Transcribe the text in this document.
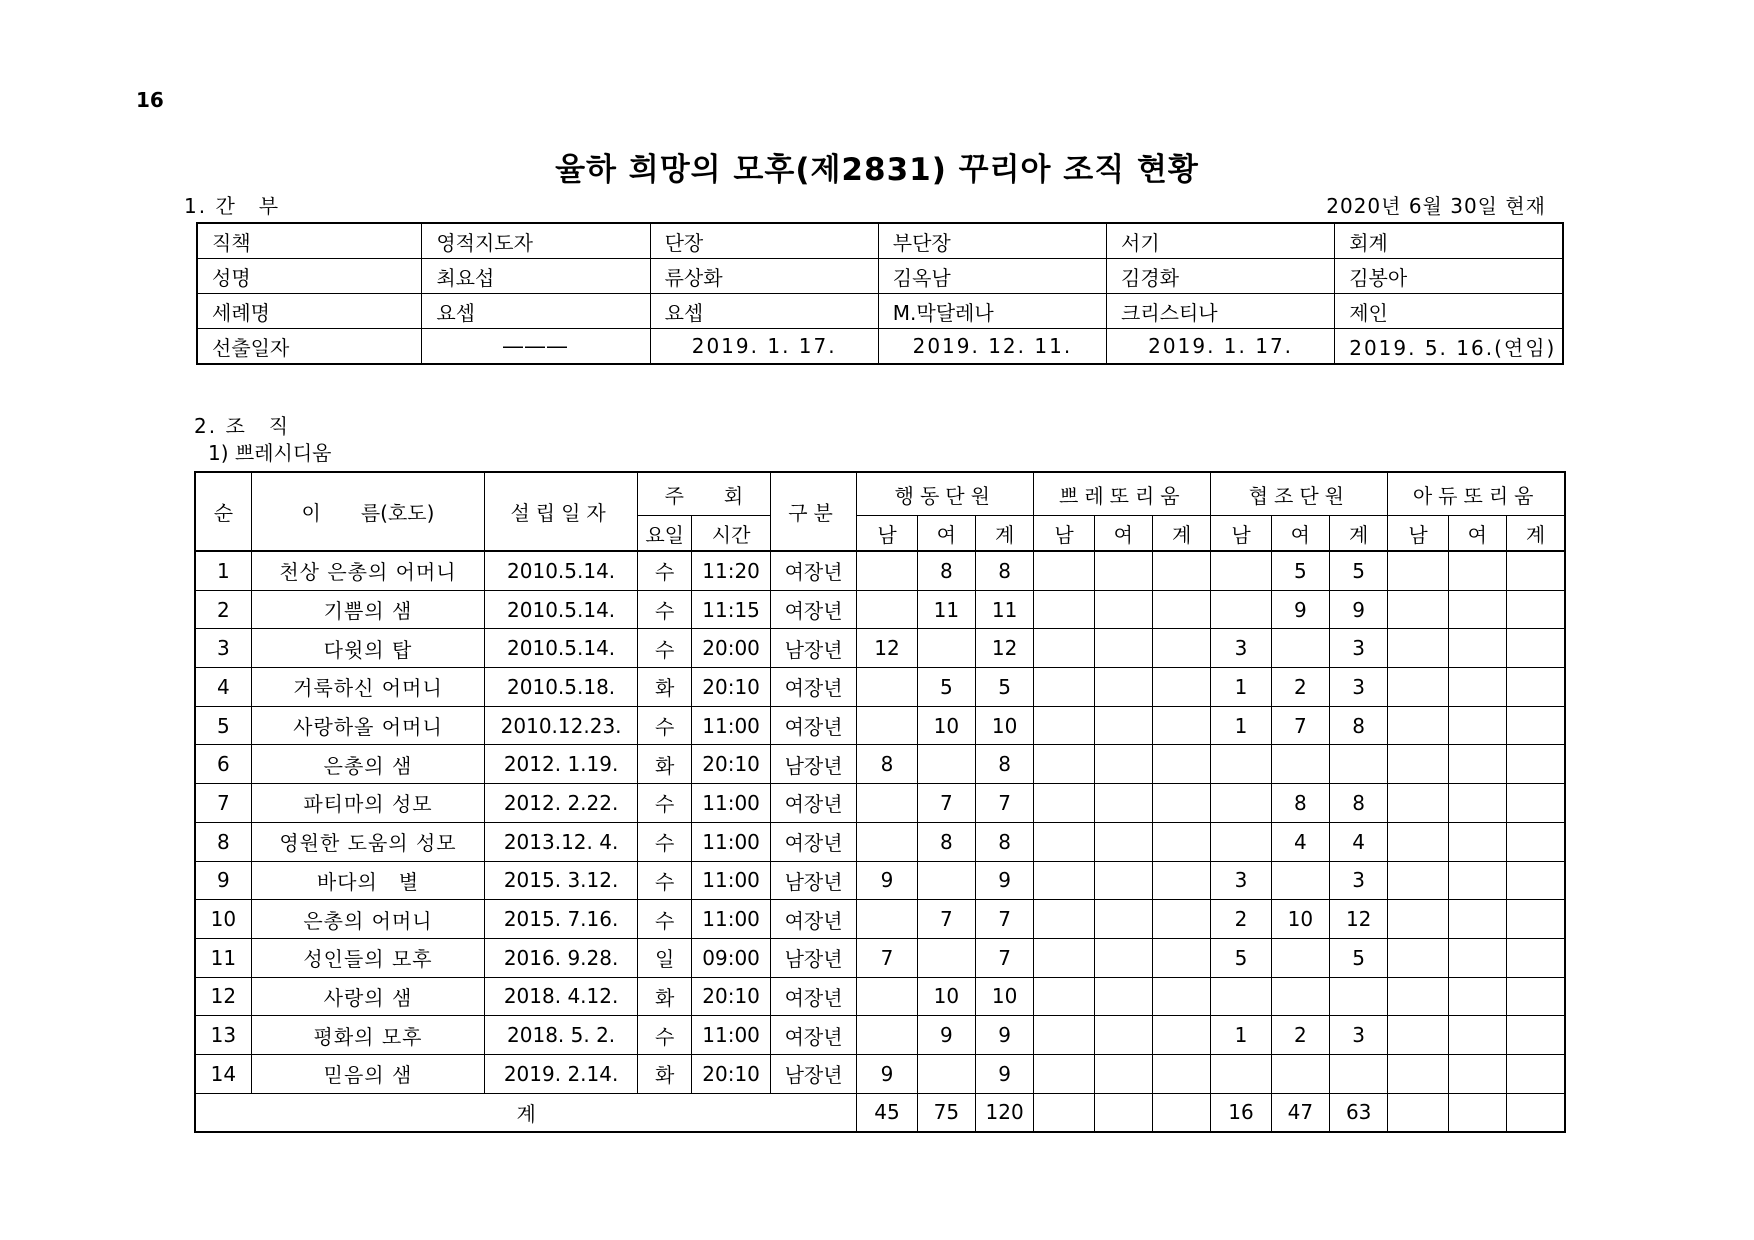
16
율하 희망의 모후(제2831) 꾸리아 조직 현황
1. 간　부	2020년 6월 30일 현재
직책	영적지도자	단장	부단장	서기	회계

성명	최요섭	류상화	김옥남	김경화	김봉아

세례명	요셉	요셉	M.막달레나	크리스티나	제인

선출일자	―――	2019. 1. 17.	2019. 12. 11.	2019. 1. 17.	2019. 5. 16.(연임)
2. 조　직
1) 쁘레시디움
순	이　　름(호도)	설립일자	주　　회		구분	행동단원			쁘레또리움			협조단원			아듀또리움		
			요일	시간		남	여	계	남	여	계	남	여	계	남	여	계
1	천상 은총의 어머니	2010.5.14.	수	11:20	여장년		8	8					5	5			
2	기쁨의 샘	2010.5.14.	수	11:15	여장년		11	11					9	9			
3	다윗의 탑	2010.5.14.	수	20:00	남장년	12		12				3		3			
4	거룩하신 어머니	2010.5.18.	화	20:10	여장년		5	5				1	2	3			
5	사랑하올 어머니	2010.12.23.	수	11:00	여장년		10	10				1	7	8			
6	은총의 샘	2012. 1.19.	화	20:10	남장년	8		8									
7	파티마의 성모	2012. 2.22.	수	11:00	여장년		7	7					8	8			
8	영원한 도움의 성모	2013.12. 4.	수	11:00	여장년		8	8					4	4			
9	바다의　별	2015. 3.12.	수	11:00	남장년	9		9				3		3			
10	은총의 어머니	2015. 7.16.	수	11:00	여장년		7	7				2	10	12			
11	성인들의 모후	2016. 9.28.	일	09:00	남장년	7		7				5		5			
12	사랑의 샘	2018. 4.12.	화	20:10	여장년		10	10									
13	평화의 모후	2018. 5. 2.	수	11:00	여장년		9	9				1	2	3			
14	믿음의 샘	2019. 2.14.	화	20:10	남장년	9		9									
계						45	75	120				16	47	63			
